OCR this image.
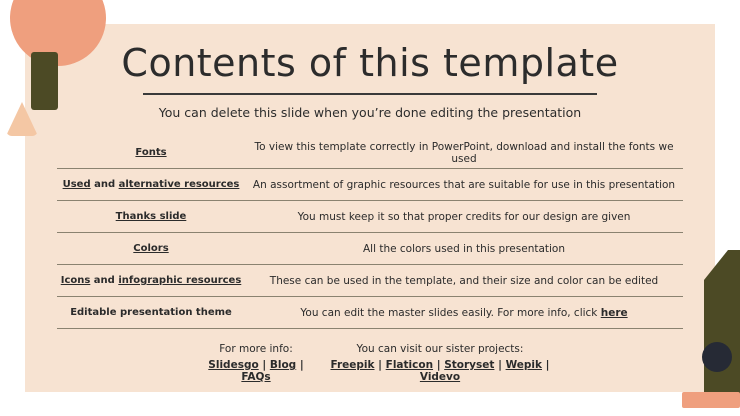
Contents of this template
You can delete this slide when you’re done editing the presentation
Fonts	To view this template correctly in PowerPoint, download and install the fonts we used
Used and alternative resources	An assortment of graphic resources that are suitable for use in this presentation
Thanks slide	You must keep it so that proper credits for our design are given
Colors	All the colors used in this presentation
Icons and infographic resources	These can be used in the template, and their size and color can be edited
Editable presentation theme	You can edit the master slides easily. For more info, click here
For more info:
Slidesgo | Blog | FAQs
You can visit our sister projects:
Freepik | Flaticon | Storyset | Wepik | Videvo
